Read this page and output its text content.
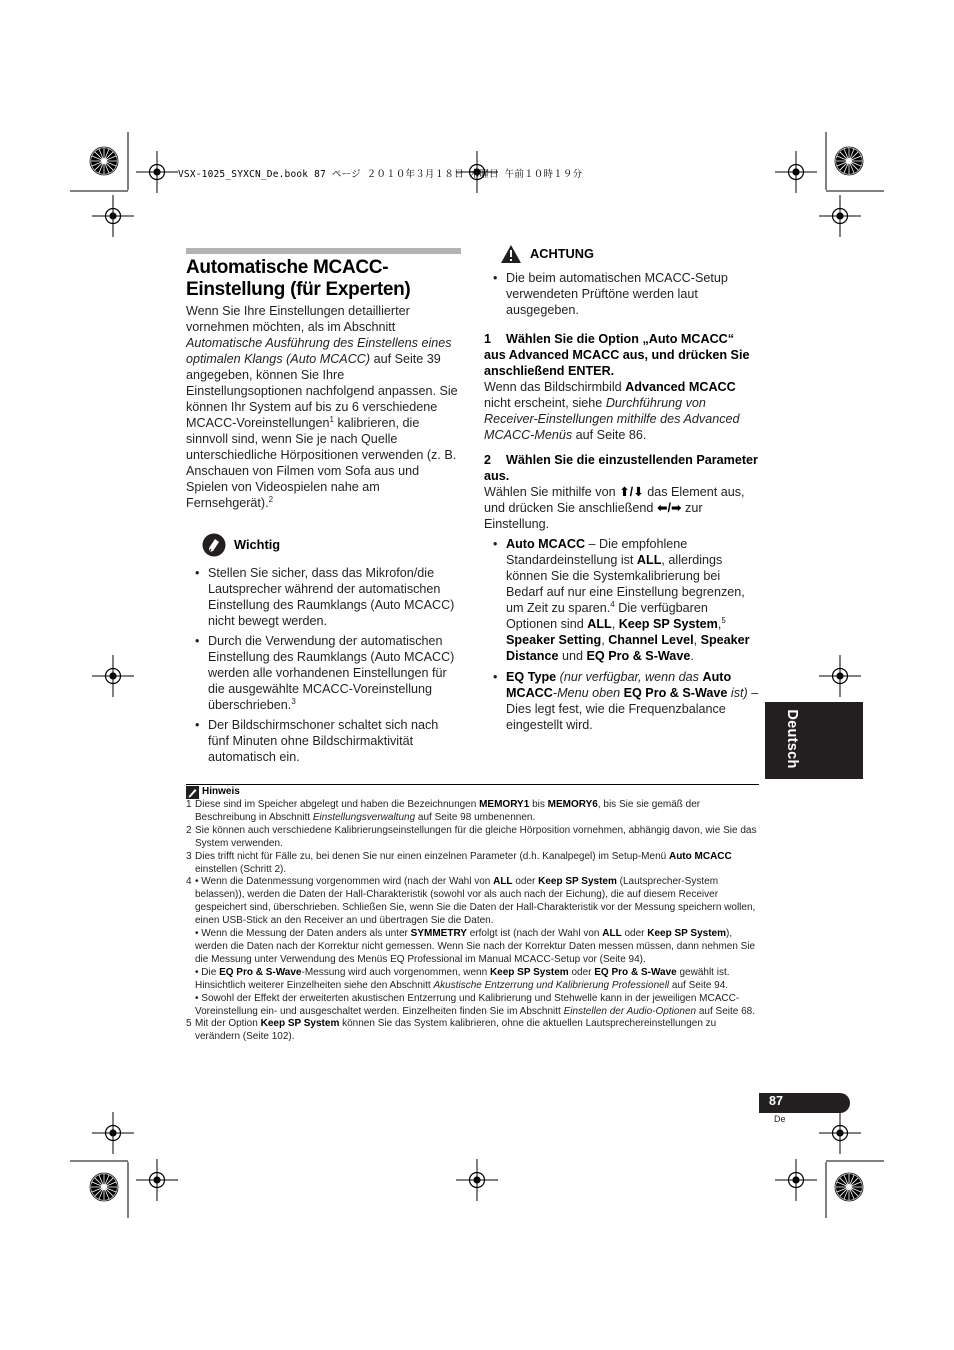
VSX-1025_SYXCN_De.book 87 ページ ２０１０年３月１８日 木曜日 午前１０時１９分
Automatische MCACC-
Einstellung (für Experten)

Wenn Sie Ihre Einstellungen detaillierter vornehmen möchten, als im Abschnitt Automatische Ausführung des Einstellens eines optimalen Klangs (Auto MCACC) auf Seite 39 angegeben, können Sie Ihre Einstellungsoptionen nachfolgend anpassen. Sie können Ihr System auf bis zu 6 verschiedene MCACC-Voreinstellungen$^1$ kalibrieren, die sinnvoll sind, wenn Sie je nach Quelle unterschiedliche Hörpositionen verwenden (z. B. Anschauen von Filmen vom Sofa aus und Spielen von Videospielen nahe am Fernsehgerät).$^2$

Wichtig
• Stellen Sie sicher, dass das Mikrofon/die Lautsprecher während der automatischen Einstellung des Raumklangs (Auto MCACC) nicht bewegt werden.
• Durch die Verwendung der automatischen Einstellung des Raumklangs (Auto MCACC) werden alle vorhandenen Einstellungen für die ausgewählte MCACC-Voreinstellung überschrieben.$^3$
• Der Bildschirmschoner schaltet sich nach fünf Minuten ohne Bildschirmaktivität automatisch ein.
ACHTUNG
• Die beim automatischen MCACC-Setup verwendeten Prüftöne werden laut ausgegeben.
1 Wählen Sie die Option „Auto MCACC“ aus Advanced MCACC aus, und drücken Sie anschließend ENTER.

Wenn das Bildschirmbild Advanced MCACC nicht erscheint, siehe Durchführung von Receiver-Einstellungen mithilfe des Advanced MCACC-Menüs auf Seite 86.

2 Wählen Sie die einzustellenden Parameter aus.

Wählen Sie mithilfe von ⬆/⬇ das Element aus, und drücken Sie anschließend ⬅/➡ zur Einstellung.

• Auto MCACC – Die empfohlene Standardeinstellung ist ALL, allerdings können Sie die Systemkalibrierung bei Bedarf auf nur eine Einstellung begrenzen, um Zeit zu sparen.$^4$ Die verfügbaren Optionen sind ALL, Keep SP System,$^5$ Speaker Setting, Channel Level, Speaker Distance und EQ Pro & S-Wave.
• EQ Type (nur verfügbar, wenn das Auto MCACC-Menu oben EQ Pro & S-Wave ist) – Dies legt fest, wie die Frequenzbalance eingestellt wird.	Deutsch
Hinweis
1 Diese sind im Speicher abgelegt und haben die Bezeichnungen MEMORY1 bis MEMORY6, bis Sie sie gemäß der Beschreibung in Abschnitt Einstellungsverwaltung auf Seite 98 umbenennen.
2 Sie können auch verschiedene Kalibrierungseinstellungen für die gleiche Hörposition vornehmen, abhängig davon, wie Sie das System verwenden.
3 Dies trifft nicht für Fälle zu, bei denen Sie nur einen einzelnen Parameter (d.h. Kanalpegel) im Setup-Menü Auto MCACC einstellen (Schritt 2).
4 • Wenn die Datenmessung vorgenommen wird (nach der Wahl von ALL oder Keep SP System (Lautsprecher-System belassen)), werden die Daten der Hall-Charakteristik (sowohl vor als auch nach der Eichung), die auf diesem Receiver gespeichert sind, überschrieben. Schließen Sie, wenn Sie die Daten der Hall-Charakteristik vor der Messung speichern wollen, einen USB-Stick an den Receiver an und übertragen Sie die Daten.
• Wenn die Messung der Daten anders als unter SYMMETRY erfolgt ist (nach der Wahl von ALL oder Keep SP System), werden die Daten nach der Korrektur nicht gemessen. Wenn Sie nach der Korrektur Daten messen müssen, dann nehmen Sie die Messung unter Verwendung des Menüs EQ Professional im Manual MCACC-Setup vor (Seite 94).
• Die EQ Pro & S-Wave-Messung wird auch vorgenommen, wenn Keep SP System oder EQ Pro & S-Wave gewählt ist. Hinsichtlich weiterer Einzelheiten siehe den Abschnitt Akustische Entzerrung und Kalibrierung Professionell auf Seite 94.
• Sowohl der Effekt der erweiterten akustischen Entzerrung und Kalibrierung und Stehwelle kann in der jeweiligen MCACC-Voreinstellung ein- und ausgeschaltet werden. Einzelheiten finden Sie im Abschnitt Einstellen der Audio-Optionen auf Seite 68.
5 Mit der Option Keep SP System können Sie das System kalibrieren, ohne die aktuellen Lautsprechereinstellungen zu verändern (Seite 102).
87
De
